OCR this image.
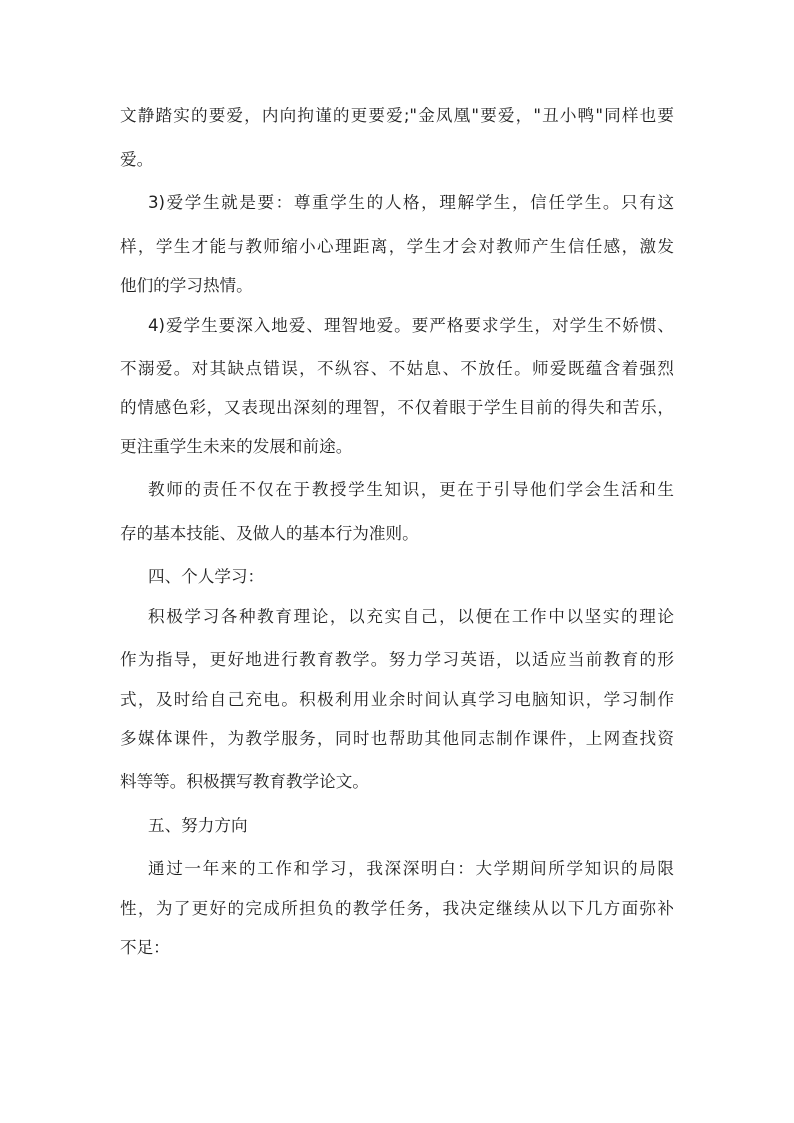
文静踏实的要爱，内向拘谨的更要爱;"金凤凰"要爱，"丑小鸭"同样也要
爱。
3)爱学生就是要：尊重学生的人格，理解学生，信任学生。只有这
样，学生才能与教师缩小心理距离，学生才会对教师产生信任感，激发
他们的学习热情。
4)爱学生要深入地爱、理智地爱。要严格要求学生，对学生不娇惯、
不溺爱。对其缺点错误，不纵容、不姑息、不放任。师爱既蕴含着强烈
的情感色彩，又表现出深刻的理智，不仅着眼于学生目前的得失和苦乐，
更注重学生未来的发展和前途。
教师的责任不仅在于教授学生知识，更在于引导他们学会生活和生
存的基本技能、及做人的基本行为准则。
四、个人学习：
积极学习各种教育理论，以充实自己，以便在工作中以坚实的理论
作为指导，更好地进行教育教学。努力学习英语，以适应当前教育的形
式，及时给自己充电。积极利用业余时间认真学习电脑知识，学习制作
多媒体课件，为教学服务，同时也帮助其他同志制作课件，上网查找资
料等等。积极撰写教育教学论文。
五、努力方向
通过一年来的工作和学习，我深深明白：大学期间所学知识的局限
性，为了更好的完成所担负的教学任务，我决定继续从以下几方面弥补
不足：
